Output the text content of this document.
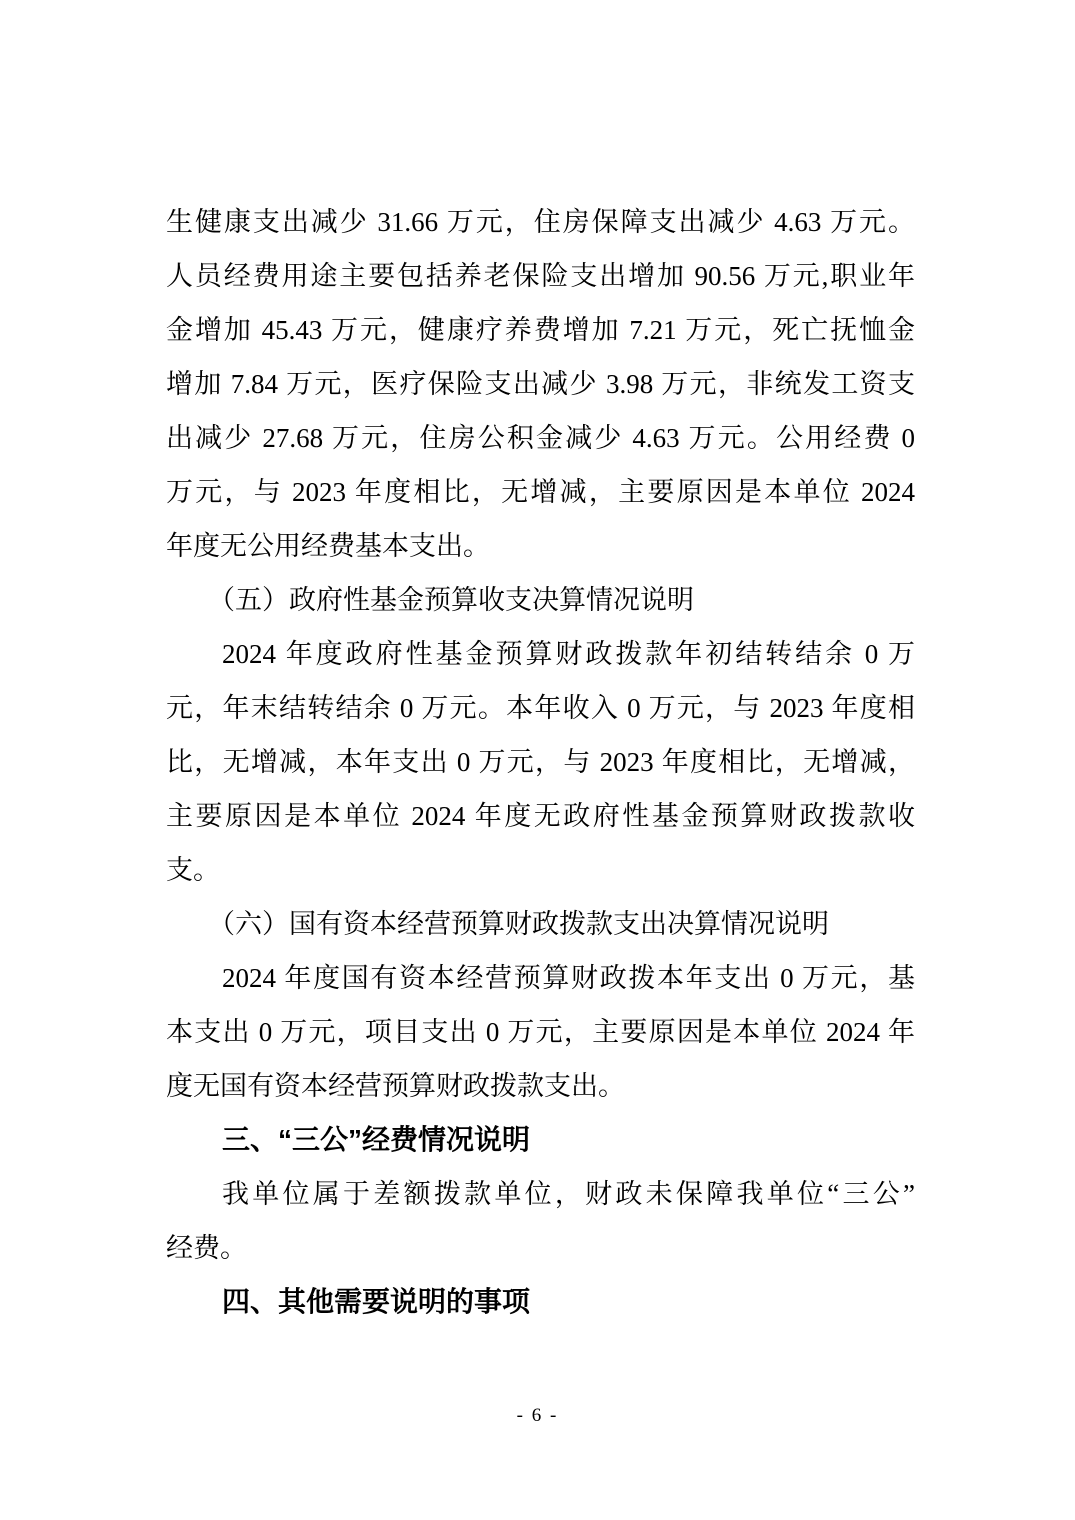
生健康支出减少 31.66 万元，住房保障支出减少 4.63 万元。
人员经费用途主要包括养老保险支出增加 90.56 万元,职业年
金增加 45.43 万元，健康疗养费增加 7.21 万元，死亡抚恤金
增加 7.84 万元，医疗保险支出减少 3.98 万元，非统发工资支
出减少 27.68 万元，住房公积金减少 4.63 万元。公用经费 0
万元，与 2023 年度相比，无增减，主要原因是本单位 2024
年度无公用经费基本支出。
（五）政府性基金预算收支决算情况说明
2024 年度政府性基金预算财政拨款年初结转结余 0 万
元，年末结转结余 0 万元。本年收入 0 万元，与 2023 年度相
比，无增减，本年支出 0 万元，与 2023 年度相比，无增减，
主要原因是本单位 2024 年度无政府性基金预算财政拨款收
支。
（六）国有资本经营预算财政拨款支出决算情况说明
2024 年度国有资本经营预算财政拨本年支出 0 万元，基
本支出 0 万元，项目支出 0 万元，主要原因是本单位 2024 年
度无国有资本经营预算财政拨款支出。
三、“三公”经费情况说明
我单位属于差额拨款单位，财政未保障我单位“三公”
经费。
四、其他需要说明的事项
- 6 -
